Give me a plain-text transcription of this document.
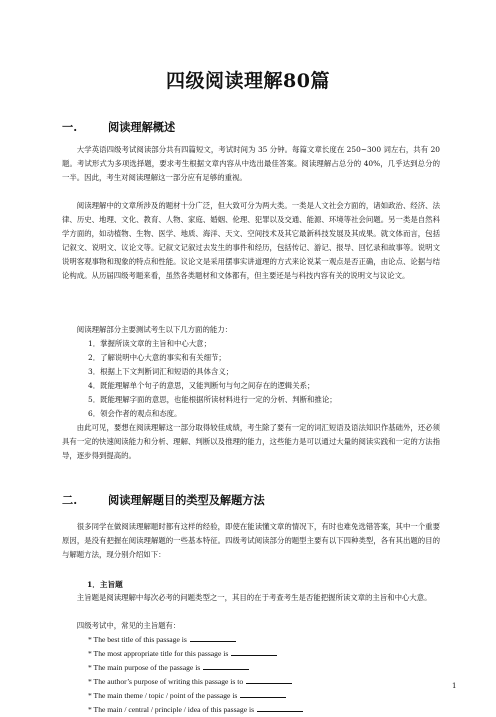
四级阅读理解80篇
一.	阅读理解概述
大学英语四级考试阅读部分共有四篇短文，考试时间为 35 分钟。每篇文章长度在 250~300 词左右，共有 20 题。考试形式为多项选择题，要求考生根据文章内容从中选出最佳答案。阅读理解占总分的 40%，几乎达到总分的一半。因此，考生对阅读理解这一部分应有足够的重视。
阅读理解中的文章所涉及的题材十分广泛，但大致可分为两大类。一类是人文社会方面的，诸如政治、经济、法律、历史、地理、文化、教育、人物、家庭、婚姻、伦理、犯罪以及交通、能源、环境等社会问题。另一类是自然科学方面的，如动植物、生物、医学、地质、海洋、天文、空间技术及其它最新科技发展及其成果。就文体而言，包括记叙文、说明文、议论文等。记叙文记叙过去发生的事件和经历，包括传记、游记、报导、回忆录和故事等。说明文说明客观事物和现象的特点和性能。议论文是采用摆事实讲道理的方式来论说某一观点是否正确，由论点、论据与结论构成。从历届四级考题来看，虽然各类题材和文体都有，但主要还是与科技内容有关的说明文与议论文。
阅读理解部分主要测试考生以下几方面的能力：
1．掌握所读文章的主旨和中心大意；
2．了解说明中心大意的事实和有关细节；
3．根据上下文判断词汇和短语的具体含义；
4．既能理解单个句子的意思，又能判断句与句之间存在的逻辑关系；
5．既能理解字面的意思，也能根据所读材料进行一定的分析、判断和推论；
6．领会作者的观点和态度。
由此可见，要想在阅读理解这一部分取得较佳成绩，考生除了要有一定的词汇短语及语法知识作基础外，还必须具有一定的快速阅读能力和分析、理解、判断以及推理的能力，这些能力是可以通过大量的阅读实践和一定的方法指导，逐步得到提高的。
二.	阅读理解题目的类型及解题方法
很多同学在做阅读理解题时都有这样的经验，即使在能读懂文章的情况下，有时也难免选错答案，其中一个重要原因，是没有把握在阅读理解题的一些基本特征。四级考试阅读部分的题型主要有以下四种类型，各有其出题的目的与解题方法，现分别介绍如下：
1．主旨题
主旨题是阅读理解中每次必考的问题类型之一，其目的在于考查考生是否能把握所读文章的主旨和中心大意。
四级考试中，常见的主旨题有：
* The best title of this passage is
* The most appropriate title for this passage is
* The main purpose of the passage is
* The author’s purpose of writing this passage is to
* The main theme / topic / point of the passage is
* The main / central / principle / idea of this passage is
1
